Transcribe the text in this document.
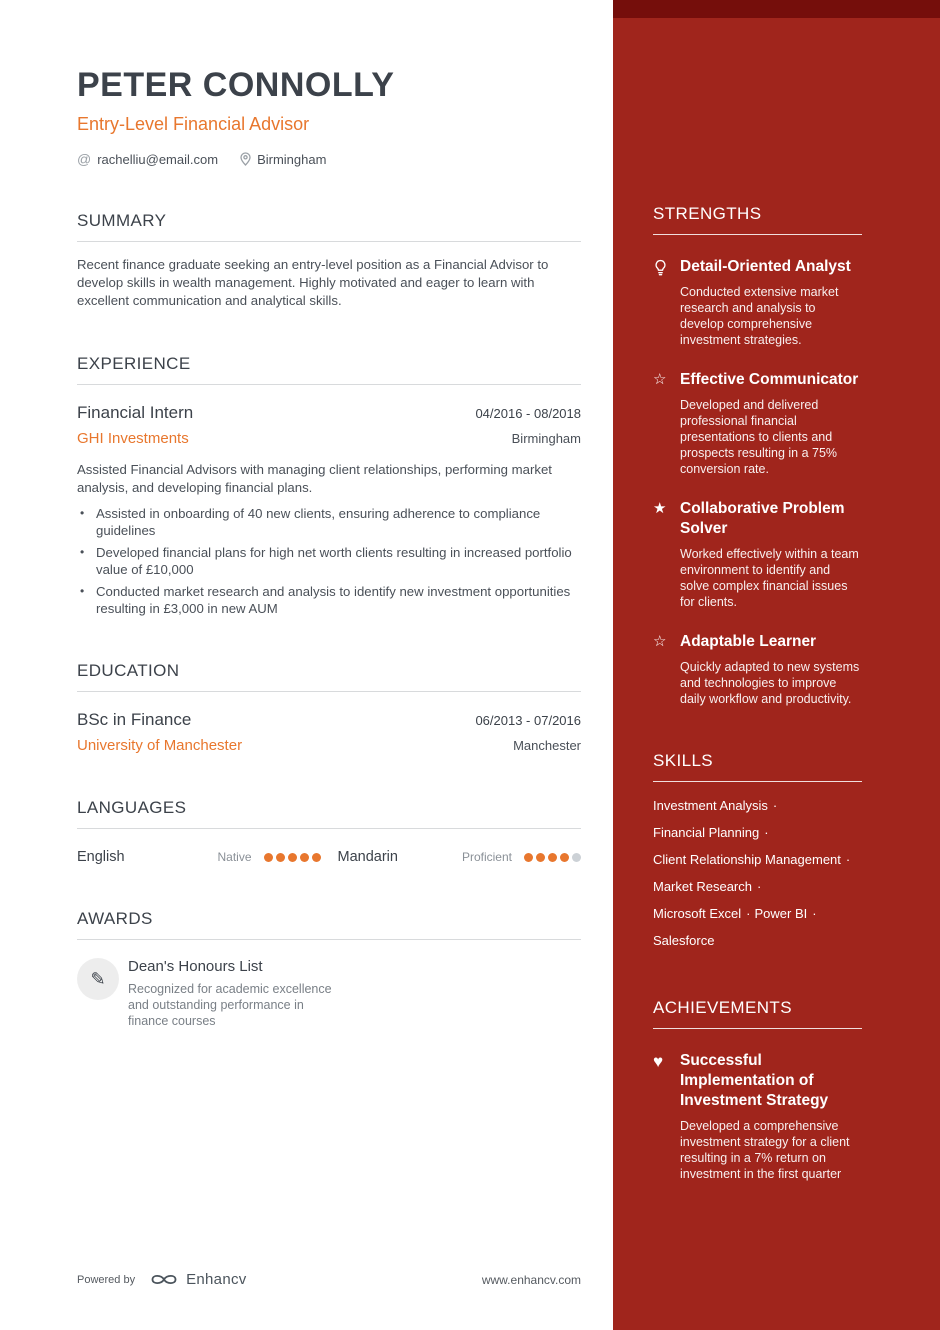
PETER CONNOLLY
Entry-Level Financial Advisor
@ rachelliu@email.com	Birmingham
SUMMARY

Recent finance graduate seeking an entry-level position as a Financial Advisor to develop skills in wealth management. Highly motivated and eager to learn with excellent communication and analytical skills.

EXPERIENCE
Financial Intern	04/2016 - 08/2018
GHI Investments	Birmingham

Assisted Financial Advisors with managing client relationships, performing market analysis, and developing financial plans.

• Assisted in onboarding of 40 new clients, ensuring adherence to compliance guidelines
• Developed financial plans for high net worth clients resulting in increased portfolio value of £10,000
• Conducted market research and analysis to identify new investment opportunities resulting in £3,000 in new AUM
EDUCATION
BSc in Finance	06/2013 - 07/2016
University of Manchester	Manchester
LANGUAGES
English	Native	Mandarin	Proficient
AWARDS
✎
Dean's Honours List
Recognized for academic excellence and outstanding performance in finance courses
Powered by	Enhancv	www.enhancv.com
STRENGTHS
Detail-Oriented Analyst
Conducted extensive market research and analysis to develop comprehensive investment strategies.
☆ Effective Communicator
Developed and delivered professional financial presentations to clients and prospects resulting in a 75% conversion rate.
★ Collaborative Problem Solver
Worked effectively within a team environment to identify and solve complex financial issues for clients.
☆ Adaptable Learner
Quickly adapted to new systems and technologies to improve daily workflow and productivity.
SKILLS
Investment Analysis ·Financial Planning ·Client Relationship Management ·Market Research ·Microsoft Excel · Power BI ·Salesforce
ACHIEVEMENTS
♥	Successful Implementation of Investment Strategy
Developed a comprehensive investment strategy for a client resulting in a 7% return on investment in the first quarter
